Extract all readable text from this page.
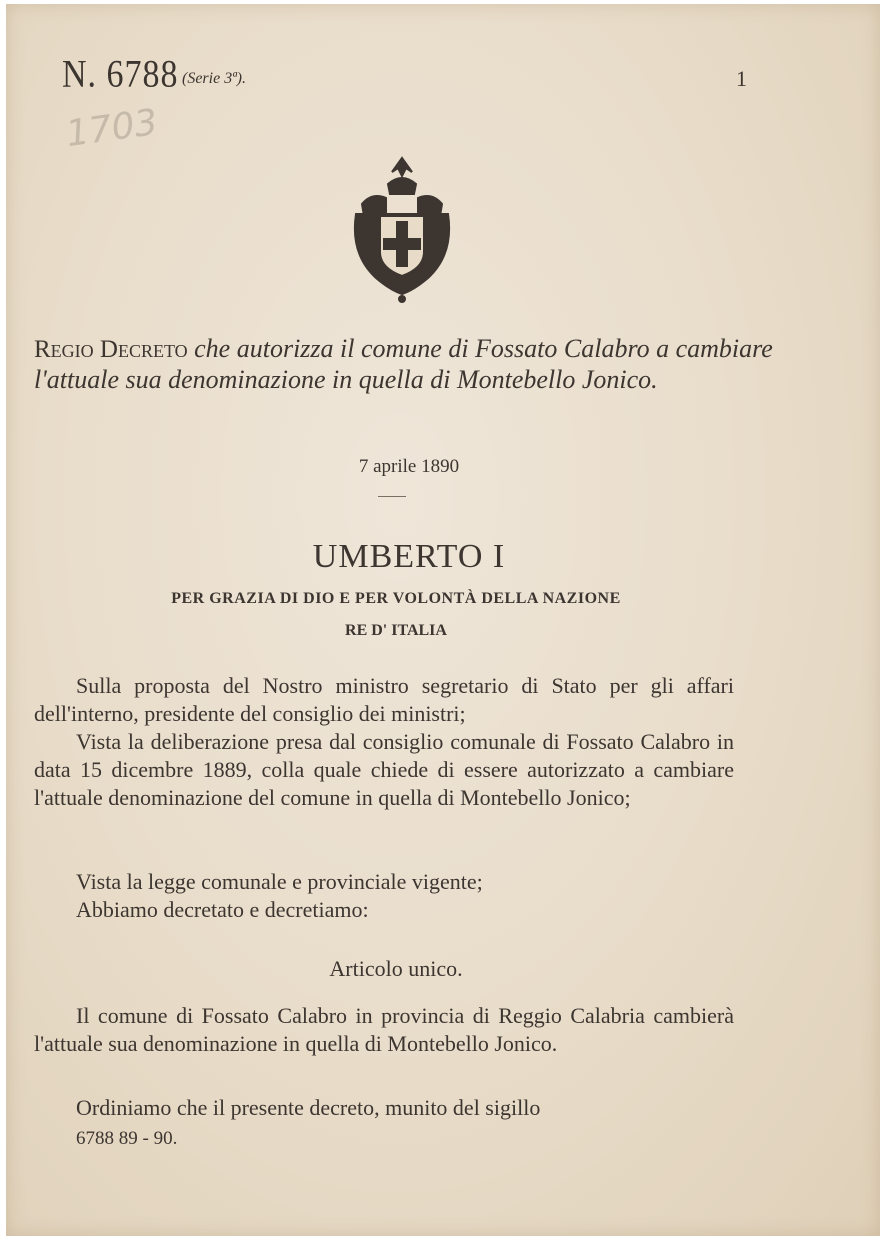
N. 6788 (Serie 3ª).	1
1703
Regio Decreto che autorizza il comune di Fossato Calabro a cambiare l'attuale sua denominazione in quella di Montebello Jonico.
7 aprile 1890
UMBERTO I
PER GRAZIA DI DIO E PER VOLONTÀ DELLA NAZIONE
RE D' ITALIA
Sulla proposta del Nostro ministro segretario di Stato per gli affari dell'interno, presidente del consiglio dei ministri;
Vista la deliberazione presa dal consiglio comunale di Fossato Calabro in data 15 dicembre 1889, colla quale chiede di essere autorizzato a cambiare l'attuale denominazione del comune in quella di Montebello Jonico;
Vista la legge comunale e provinciale vigente;
Abbiamo decretato e decretiamo:
Articolo unico.
Il comune di Fossato Calabro in provincia di Reggio Calabria cambierà l'attuale sua denominazione in quella di Montebello Jonico.
Ordiniamo che il presente decreto, munito del sigillo
6788 89 - 90.
